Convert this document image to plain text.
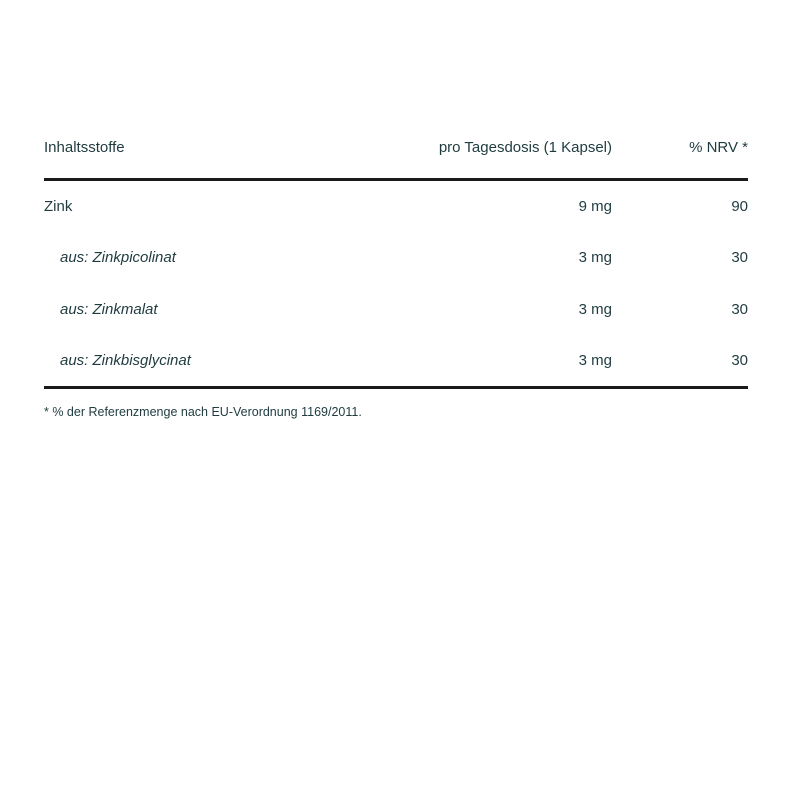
Inhaltsstoffe	pro Tagesdosis (1 Kapsel)	% NRV *
Zink	9 mg	90
aus: Zinkpicolinat	3 mg	30
aus: Zinkmalat	3 mg	30
aus: Zinkbisglycinat	3 mg	30
* % der Referenzmenge nach EU-Verordnung 1169/2011.
